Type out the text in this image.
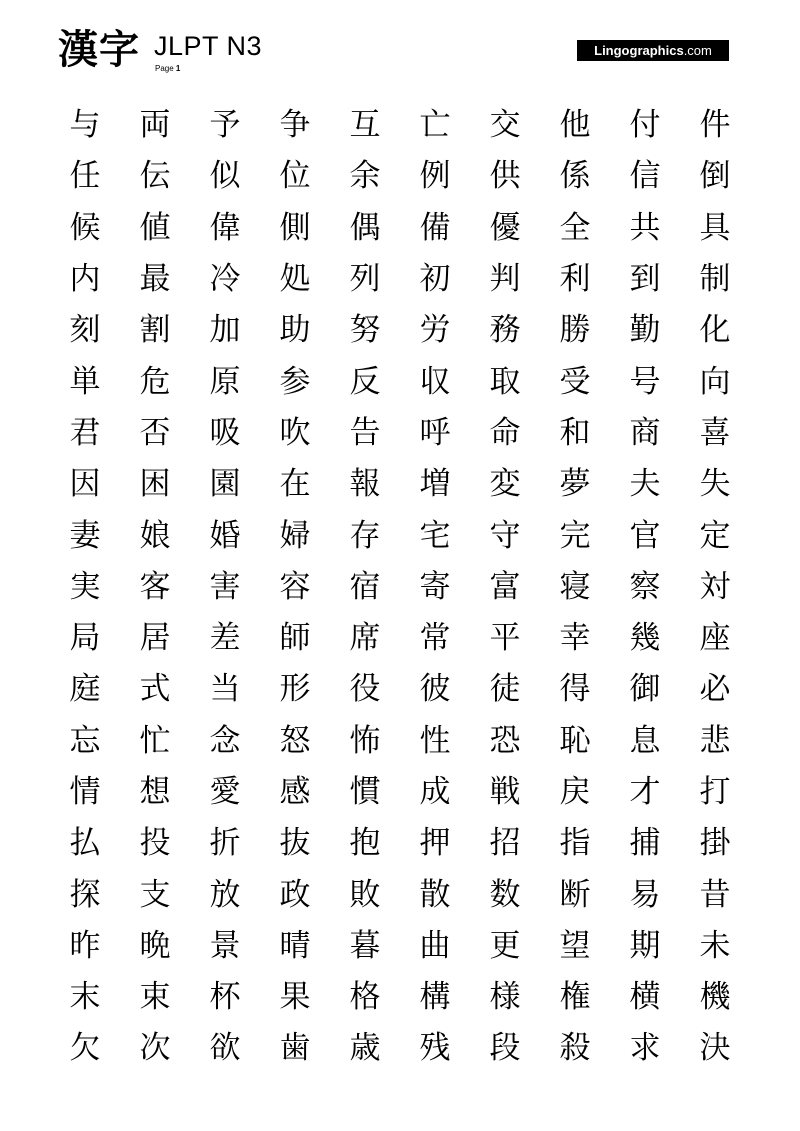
漢字 JLPT N3
Page 1
Lingographics.com
与	両	予	争	互	亡	交	他	付	件
任	伝	似	位	余	例	供	係	信	倒
候	値	偉	側	偶	備	優	全	共	具
内	最	冷	処	列	初	判	利	到	制
刻	割	加	助	努	労	務	勝	勤	化
単	危	原	参	反	収	取	受	号	向
君	否	吸	吹	告	呼	命	和	商	喜
因	困	園	在	報	増	変	夢	夫	失
妻	娘	婚	婦	存	宅	守	完	官	定
実	客	害	容	宿	寄	富	寝	察	対
局	居	差	師	席	常	平	幸	幾	座
庭	式	当	形	役	彼	徒	得	御	必
忘	忙	念	怒	怖	性	恐	恥	息	悲
情	想	愛	感	慣	成	戦	戻	才	打
払	投	折	抜	抱	押	招	指	捕	掛
探	支	放	政	敗	散	数	断	易	昔
昨	晩	景	晴	暮	曲	更	望	期	未
末	束	杯	果	格	構	様	権	横	機
欠	次	欲	歯	歳	残	段	殺	求	決
